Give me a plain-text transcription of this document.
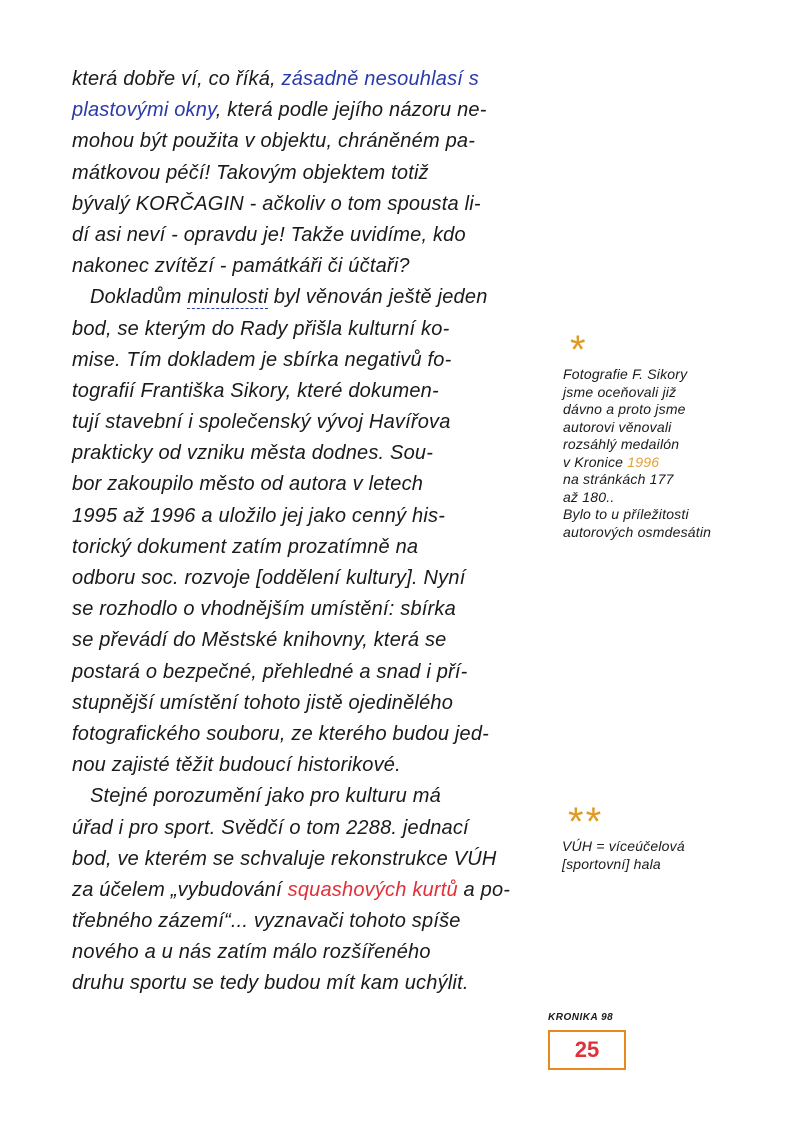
která dobře ví, co říká, zásadně nesouhlasí s
plastovými okny, která podle jejího názoru ne-
mohou být použita v objektu, chráněném pa-
mátkovou péčí! Takovým objektem totiž
bývalý KORČAGIN - ačkoliv o tom spousta li-
dí asi neví - opravdu je! Takže uvidíme, kdo
nakonec zvítězí - památkáři či účtaři?
Dokladům minulosti byl věnován ještě jeden
bod, se kterým do Rady přišla kulturní ko-
mise. Tím dokladem je sbírka negativů fo-
tografií Františka Sikory, které dokumen-
tují stavební i společenský vývoj Havířova
prakticky od vzniku města dodnes. Sou-
bor zakoupilo město od autora v letech
1995 až 1996 a uložilo jej jako cenný his-
torický dokument zatím prozatímně na
odboru soc. rozvoje [oddělení kultury]. Nyní
se rozhodlo o vhodnějším umístění: sbírka
se převádí do Městské knihovny, která se
postará o bezpečné, přehledné a snad i pří-
stupnější umístění tohoto jistě ojedinělého
fotografického souboru, ze kterého budou jed-
nou zajisté těžit budoucí historikové.
Stejné porozumění jako pro kulturu má
úřad i pro sport. Svědčí o tom 2288. jednací
bod, ve kterém se schvaluje rekonstrukce VÚH
za účelem „vybudování squashových kurtů a po-
třebného zázemí“... vyznavači tohoto spíše
nového a u nás zatím málo rozšířeného
druhu sportu se tedy budou mít kam uchýlit.
*
Fotografie F. Sikory
jsme oceňovali již
dávno a proto jsme
autorovi věnovali
rozsáhlý medailón
v Kronice 1996
na stránkách 177
až 180..
Bylo to u příležitosti
autorových osmdesátin
**
VÚH = víceúčelová
[sportovní] hala
KRONIKA 98
25
